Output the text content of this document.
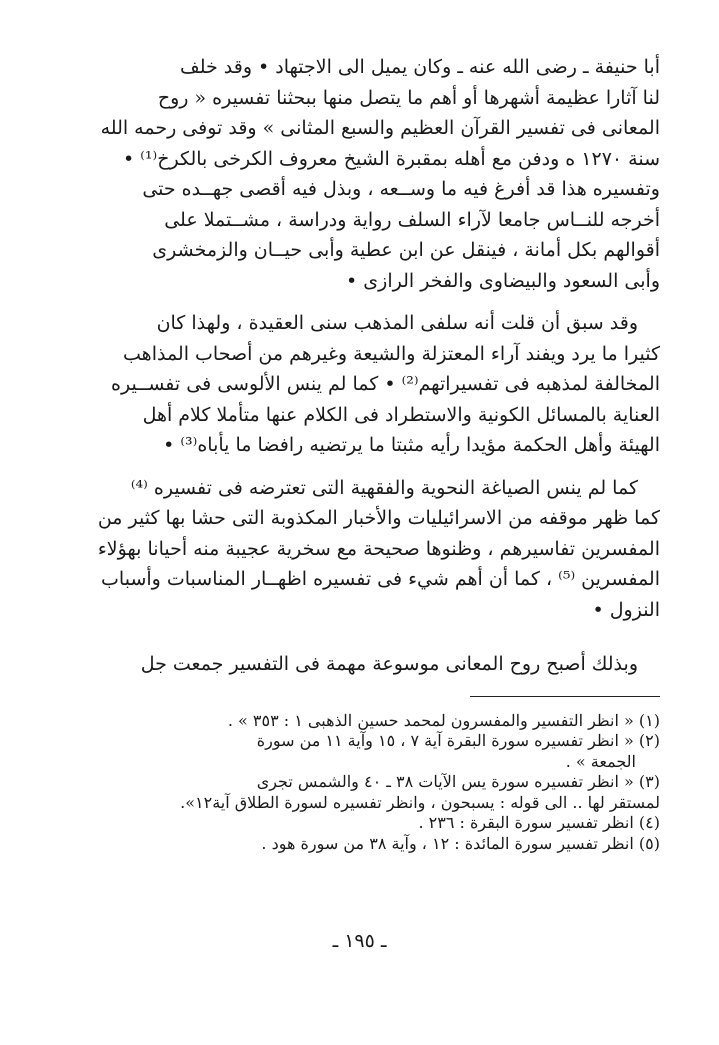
أبا حنيفة ـ رضى الله عنه ـ وكان يميل الى الاجتهاد • وقد خلف
لنا آثارا عظيمة أشهرها أو أهم ما يتصل منها ببحثنا تفسيره « روح
المعانى فى تفسير القرآن العظيم والسبع المثانى » وقد توفى رحمه الله
سنة ١٢٧٠ ه ودفن مع أهله بمقبرة الشيخ معروف الكرخى بالكرخ⁽¹⁾ •
وتفسيره هذا قد أفرغ فيه ما وســعه ، وبذل فيه أقصى جهــده حتى
أخرجه للنــاس جامعا لآراء السلف رواية ودراسة ، مشــتملا على
أقوالهم بكل أمانة ، فينقل عن ابن عطية وأبى حيــان والزمخشرى
وأبى السعود والبيضاوى والفخر الرازى •
وقد سبق أن قلت أنه سلفى المذهب سنى العقيدة ، ولهذا كان
كثيرا ما يرد ويفند آراء المعتزلة والشيعة وغيرهم من أصحاب المذاهب
المخالفة لمذهبه فى تفسيراتهم⁽²⁾ • كما لم ينس الألوسى فى تفســيره
العناية بالمسائل الكونية والاستطراد فى الكلام عنها متأملا كلام أهل
الهيئة وأهل الحكمة مؤيدا رأيه مثبتا ما يرتضيه رافضا ما يأباه⁽³⁾ •
كما لم ينس الصياغة النحوية والفقهية التى تعترضه فى تفسيره ⁽⁴⁾
كما ظهر موقفه من الاسرائيليات والأخبار المكذوبة التى حشا بها كثير من
المفسرين تفاسيرهم ، وظنوها صحيحة مع سخرية عجيبة منه أحيانا بهؤلاء
المفسرين ⁽⁵⁾ ، كما أن أهم شيء فى تفسيره اظهــار المناسبات وأسباب
النزول •
وبذلك أصبح روح المعانى موسوعة مهمة فى التفسير جمعت جل
(١) « انظر التفسير والمفسرون لمحمد حسين الذهبى ١ : ٣٥٣ » .
(٢) « انظر تفسيره سورة البقرة آية ٧ ، ١٥ وآية ١١ من سورة
الجمعة » .
(٣) « انظر تفسيره سورة يس الآيات ٣٨ ـ ٤٠ والشمس تجرى
لمستقر لها .. الى قوله : يسبحون ، وانظر تفسيره لسورة الطلاق آية١٢».
(٤) انظر تفسير سورة البقرة : ٢٣٦ .
(٥) انظر تفسير سورة المائدة : ١٢ ، وآية ٣٨ من سورة هود .
ـ ١٩٥ ـ
